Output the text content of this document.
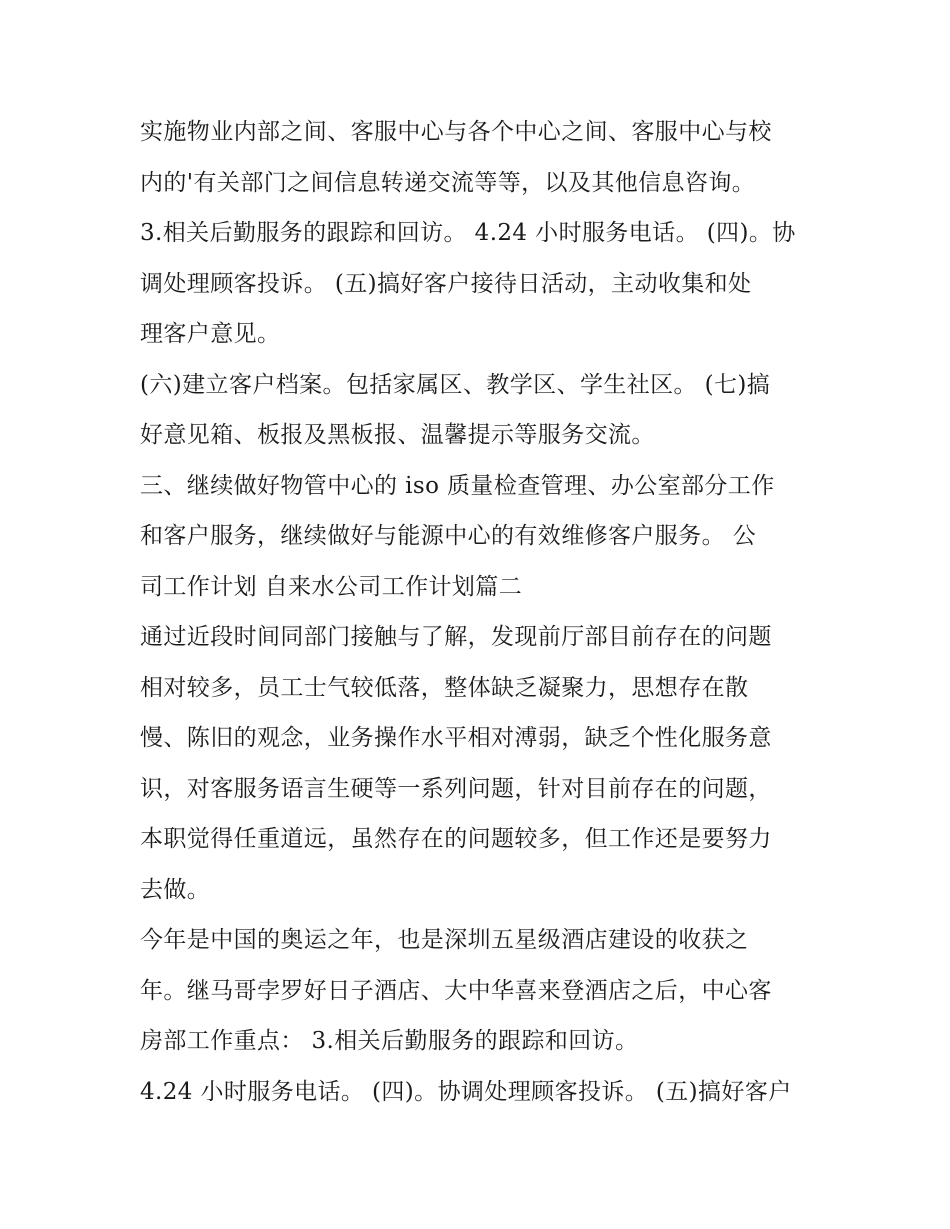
实施物业内部之间、客服中心与各个中心之间、客服中心与校
内的'有关部门之间信息转递交流等等，以及其他信息咨询。
3.相关后勤服务的跟踪和回访。 4.24 小时服务电话。 (四)。协
调处理顾客投诉。 (五)搞好客户接待日活动，主动收集和处
理客户意见。
(六)建立客户档案。包括家属区、教学区、学生社区。 (七)搞
好意见箱、板报及黑板报、温馨提示等服务交流。
三、继续做好物管中心的 iso 质量检查管理、办公室部分工作
和客户服务，继续做好与能源中心的有效维修客户服务。 公
司工作计划 自来水公司工作计划篇二
通过近段时间同部门接触与了解，发现前厅部目前存在的问题
相对较多，员工士气较低落，整体缺乏凝聚力，思想存在散
慢、陈旧的观念，业务操作水平相对溥弱，缺乏个性化服务意
识，对客服务语言生硬等一系列问题，针对目前存在的问题，
本职觉得任重道远，虽然存在的问题较多，但工作还是要努力
去做。
今年是中国的奥运之年，也是深圳五星级酒店建设的收获之
年。继马哥孛罗好日子酒店、大中华喜来登酒店之后，中心客
房部工作重点： 3.相关后勤服务的跟踪和回访。
4.24 小时服务电话。 (四)。协调处理顾客投诉。 (五)搞好客户
